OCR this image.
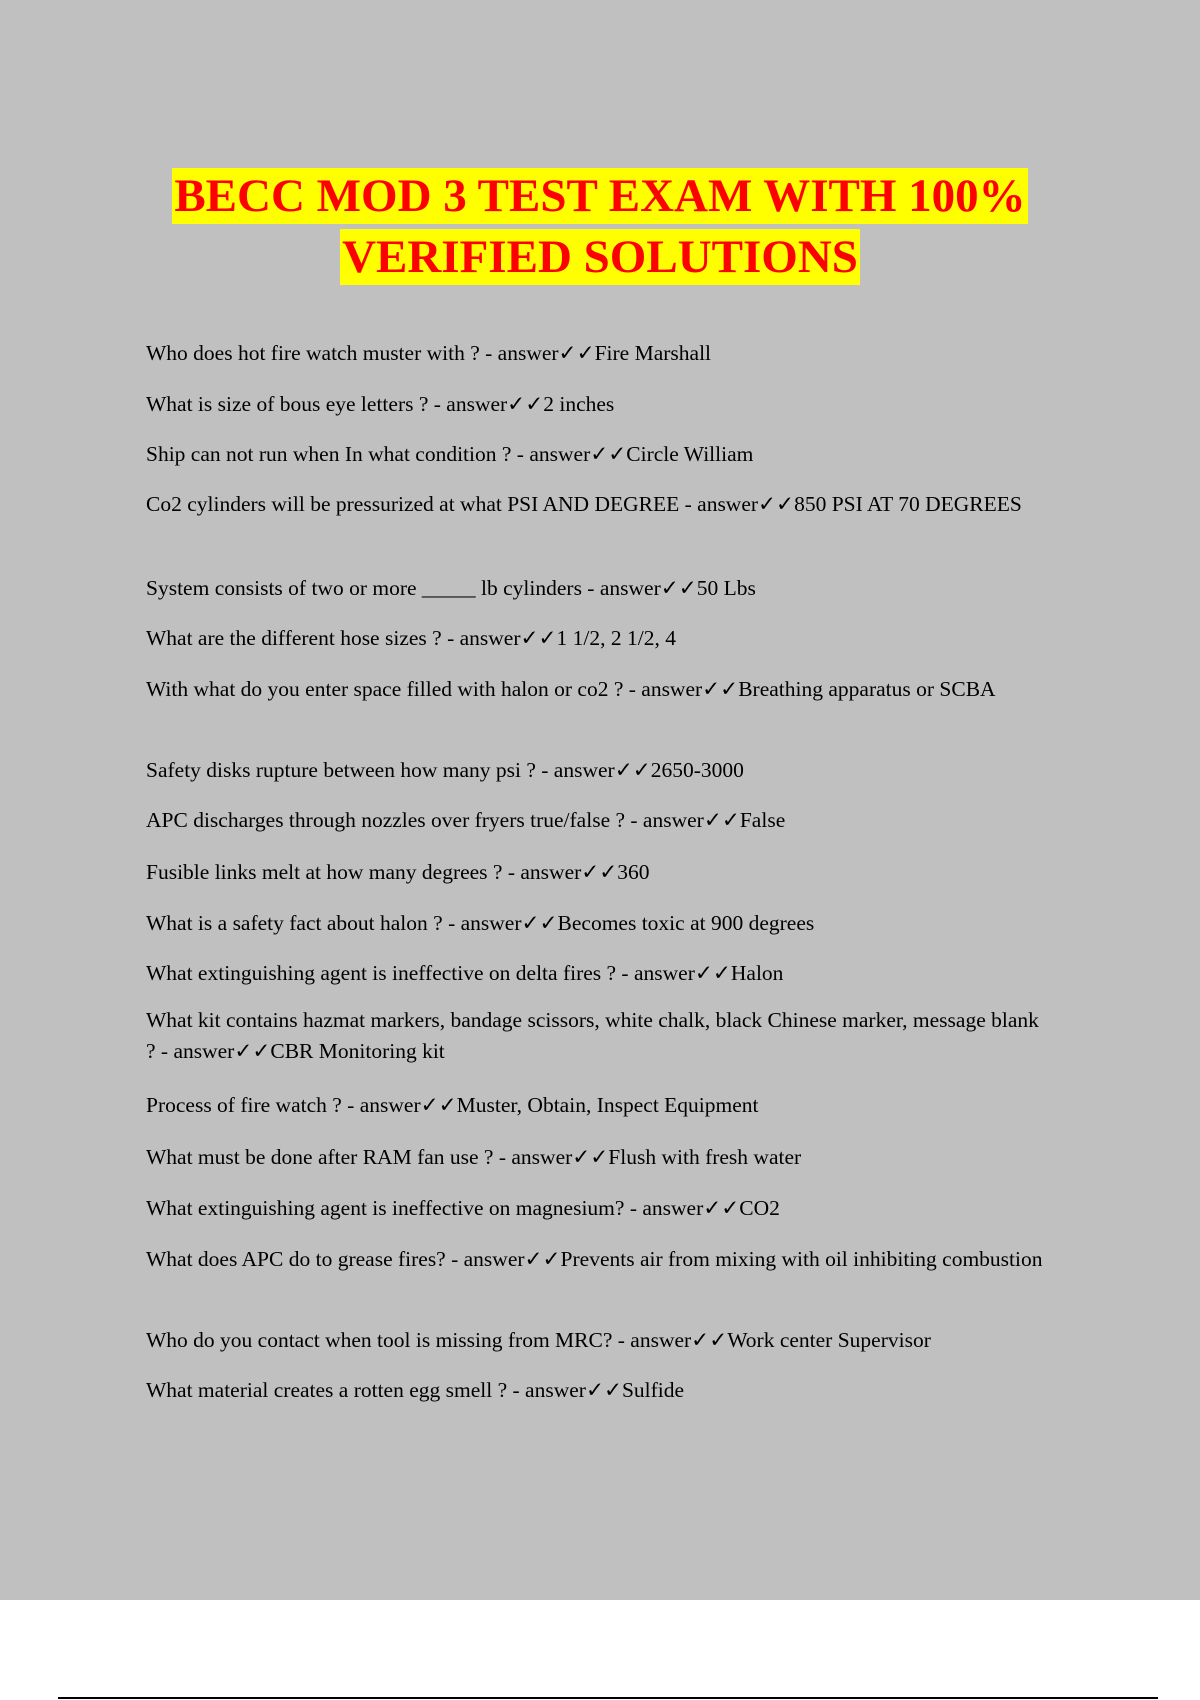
BECC MOD 3 TEST EXAM WITH 100%
VERIFIED SOLUTIONS
Who does hot fire watch muster with ? - answer✓✓Fire Marshall
What is size of bous eye letters ? - answer✓✓2 inches
Ship can not run when In what condition ? - answer✓✓Circle William
Co2 cylinders will be pressurized at what PSI AND DEGREE - answer✓✓850 PSI AT 70 DEGREES
System consists of two or more _____ lb cylinders - answer✓✓50 Lbs
What are the different hose sizes ? - answer✓✓1 1/2, 2 1/2, 4
With what do you enter space filled with halon or co2 ? - answer✓✓Breathing apparatus or SCBA
Safety disks rupture between how many psi ? - answer✓✓2650-3000
APC discharges through nozzles over fryers true/false ? - answer✓✓False
Fusible links melt at how many degrees ? - answer✓✓360
What is a safety fact about halon ? - answer✓✓Becomes toxic at 900 degrees
What extinguishing agent is ineffective on delta fires ? - answer✓✓Halon
What kit contains hazmat markers, bandage scissors, white chalk, black Chinese marker, message blank ? - answer✓✓CBR Monitoring kit
Process of fire watch ? - answer✓✓Muster, Obtain, Inspect Equipment
What must be done after RAM fan use ? - answer✓✓Flush with fresh water
What extinguishing agent is ineffective on magnesium? - answer✓✓CO2
What does APC do to grease fires? - answer✓✓Prevents air from mixing with oil inhibiting combustion
Who do you contact when tool is missing from MRC? - answer✓✓Work center Supervisor
What material creates a rotten egg smell ? - answer✓✓Sulfide
